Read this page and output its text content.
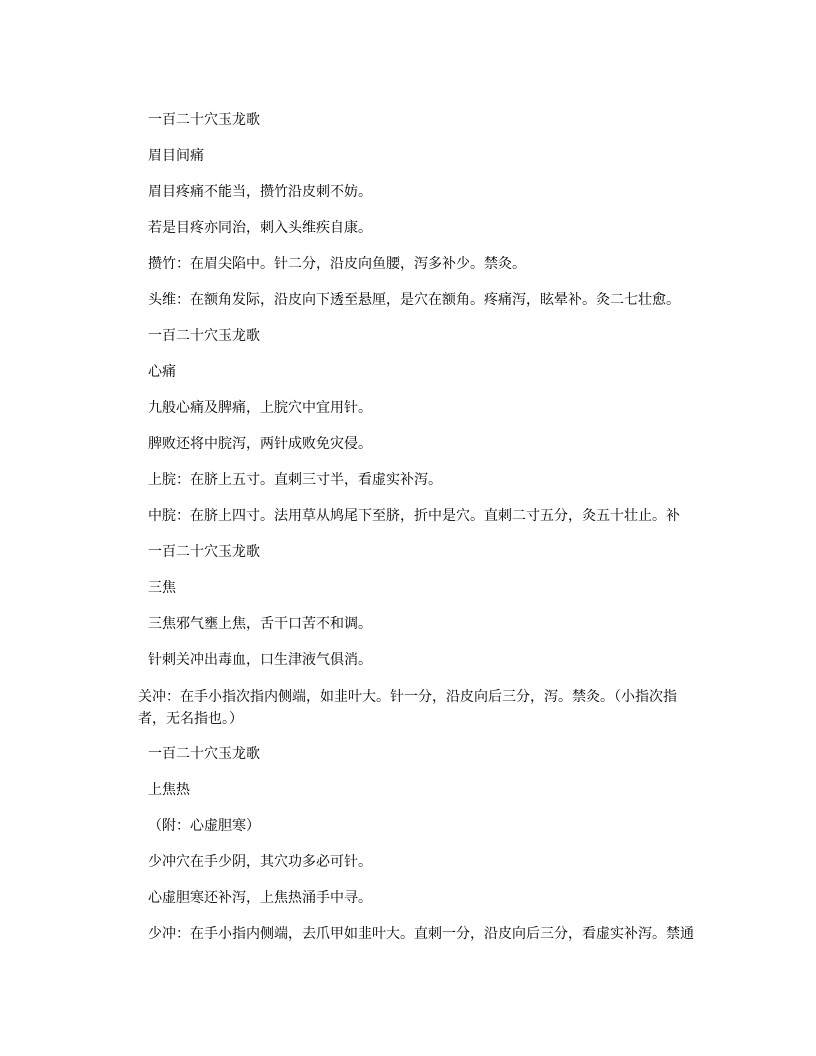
一百二十穴玉龙歌
眉目间痛
眉目疼痛不能当，攒竹沿皮刺不妨。
若是目疼亦同治，刺入头维疾自康。
攒竹：在眉尖陷中。针二分，沿皮向鱼腰，泻多补少。禁灸。
头维：在额角发际，沿皮向下透至悬厘，是穴在额角。疼痛泻，眩晕补。灸二七壮愈。
一百二十穴玉龙歌
心痛
九般心痛及脾痛，上脘穴中宜用针。
脾败还将中脘泻，两针成败免灾侵。
上脘：在脐上五寸。直刺三寸半，看虚实补泻。
中脘：在脐上四寸。法用草从鸠尾下至脐，折中是穴。直刺二寸五分，灸五十壮止。补
一百二十穴玉龙歌
三焦
三焦邪气壅上焦，舌干口苦不和调。
针刺关冲出毒血，口生津液气俱消。
关冲：在手小指次指内侧端，如韭叶大。针一分，沿皮向后三分，泻。禁灸。（小指次指者，无名指也。）
一百二十穴玉龙歌
上焦热
（附：心虚胆寒）
少冲穴在手少阴，其穴功多必可针。
心虚胆寒还补泻，上焦热涌手中寻。
少冲：在手小指内侧端，去爪甲如韭叶大。直刺一分，沿皮向后三分，看虚实补泻。禁通
